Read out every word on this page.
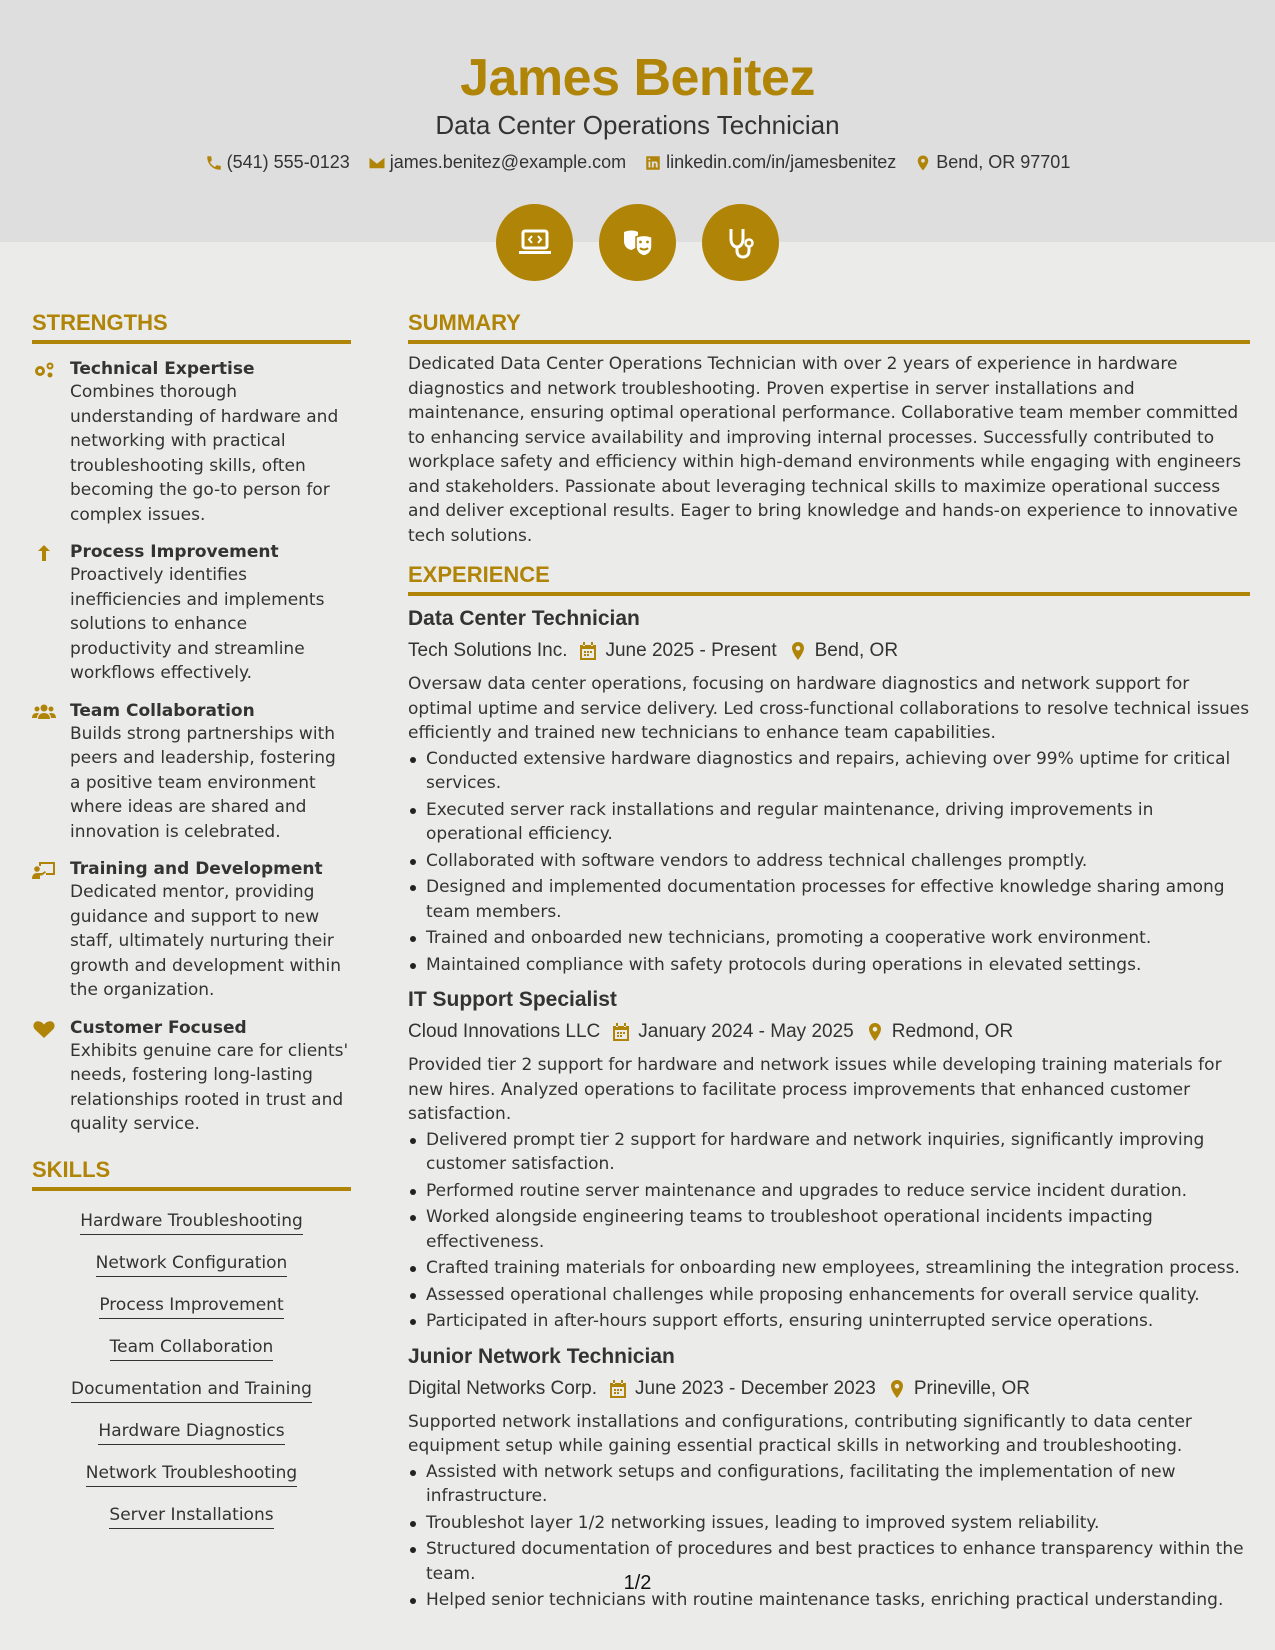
James Benitez
Data Center Operations Technician
(541) 555-0123 james.benitez@example.com linkedin.com/in/jamesbenitez Bend, OR 97701
STRENGTHS
Technical Expertise
Combines thorough understanding of hardware and networking with practical troubleshooting skills, often becoming the go-to person for complex issues.
Process Improvement
Proactively identifies inefficiencies and implements solutions to enhance productivity and streamline workflows effectively.
Team Collaboration
Builds strong partnerships with peers and leadership, fostering a positive team environment where ideas are shared and innovation is celebrated.
Training and Development
Dedicated mentor, providing guidance and support to new staff, ultimately nurturing their growth and development within the organization.
Customer Focused
Exhibits genuine care for clients' needs, fostering long-lasting relationships rooted in trust and quality service.
SKILLS
Hardware Troubleshooting
Network Configuration
Process Improvement
Team Collaboration
Documentation and Training
Hardware Diagnostics
Network Troubleshooting
Server Installations
SUMMARY
Dedicated Data Center Operations Technician with over 2 years of experience in hardware diagnostics and network troubleshooting. Proven expertise in server installations and maintenance, ensuring optimal operational performance. Collaborative team member committed to enhancing service availability and improving internal processes. Successfully contributed to workplace safety and efficiency within high-demand environments while engaging with engineers and stakeholders. Passionate about leveraging technical skills to maximize operational success and deliver exceptional results. Eager to bring knowledge and hands-on experience to innovative tech solutions.
EXPERIENCE
Data Center Technician
Tech Solutions Inc. June 2025 - Present Bend, OR
Oversaw data center operations, focusing on hardware diagnostics and network support for optimal uptime and service delivery. Led cross-functional collaborations to resolve technical issues efficiently and trained new technicians to enhance team capabilities.
Conducted extensive hardware diagnostics and repairs, achieving over 99% uptime for critical services.
Executed server rack installations and regular maintenance, driving improvements in operational efficiency.
Collaborated with software vendors to address technical challenges promptly.
Designed and implemented documentation processes for effective knowledge sharing among team members.
Trained and onboarded new technicians, promoting a cooperative work environment.
Maintained compliance with safety protocols during operations in elevated settings.
IT Support Specialist
Cloud Innovations LLC January 2024 - May 2025 Redmond, OR
Provided tier 2 support for hardware and network issues while developing training materials for new hires. Analyzed operations to facilitate process improvements that enhanced customer satisfaction.
Delivered prompt tier 2 support for hardware and network inquiries, significantly improving customer satisfaction.
Performed routine server maintenance and upgrades to reduce service incident duration.
Worked alongside engineering teams to troubleshoot operational incidents impacting effectiveness.
Crafted training materials for onboarding new employees, streamlining the integration process.
Assessed operational challenges while proposing enhancements for overall service quality.
Participated in after-hours support efforts, ensuring uninterrupted service operations.
Junior Network Technician
Digital Networks Corp. June 2023 - December 2023 Prineville, OR
Supported network installations and configurations, contributing significantly to data center equipment setup while gaining essential practical skills in networking and troubleshooting.
Assisted with network setups and configurations, facilitating the implementation of new infrastructure.
Troubleshot layer 1/2 networking issues, leading to improved system reliability.
Structured documentation of procedures and best practices to enhance transparency within the team.
Helped senior technicians with routine maintenance tasks, enriching practical understanding.
1/2
